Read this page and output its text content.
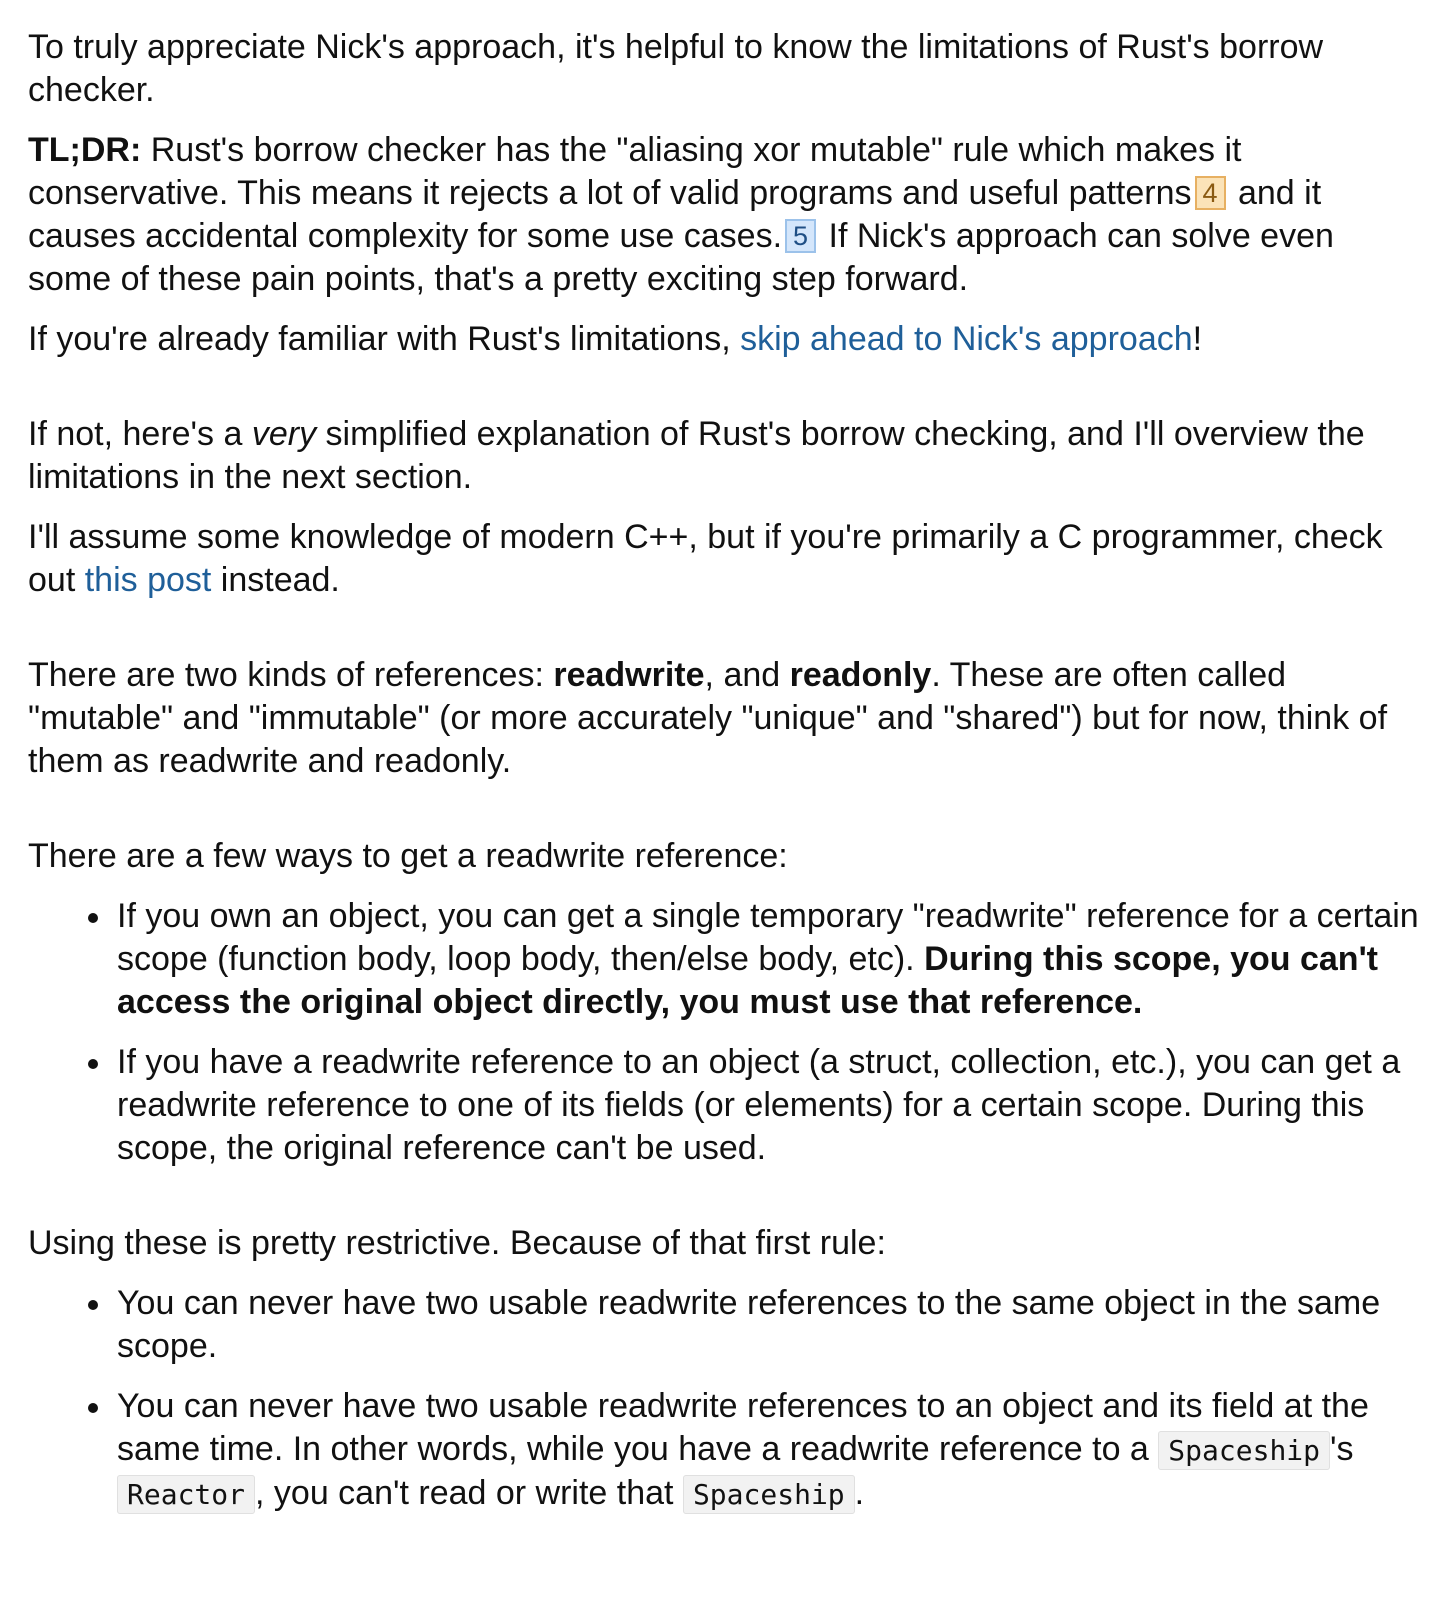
To truly appreciate Nick's approach, it's helpful to know the limitations of Rust's borrow checker.

TL;DR: Rust's borrow checker has the "aliasing xor mutable" rule which makes it conservative. This means it rejects a lot of valid programs and useful patterns 4 and it causes accidental complexity for some use cases. 5 If Nick's approach can solve even some of these pain points, that's a pretty exciting step forward.

If you're already familiar with Rust's limitations, skip ahead to Nick's approach!

If not, here's a very simplified explanation of Rust's borrow checking, and I'll overview the limitations in the next section.

I'll assume some knowledge of modern C++, but if you're primarily a C programmer, check out this post instead.

There are two kinds of references: readwrite, and readonly. These are often called "mutable" and "immutable" (or more accurately "unique" and "shared") but for now, think of them as readwrite and readonly.

There are a few ways to get a readwrite reference:

If you own an object, you can get a single temporary "readwrite" reference for a certain scope (function body, loop body, then/else body, etc). During this scope, you can't access the original object directly, you must use that reference.
If you have a readwrite reference to an object (a struct, collection, etc.), you can get a readwrite reference to one of its fields (or elements) for a certain scope. During this scope, the original reference can't be used.

Using these is pretty restrictive. Because of that first rule:

You can never have two usable readwrite references to the same object in the same scope.
You can never have two usable readwrite references to an object and its field at the same time. In other words, while you have a readwrite reference to a Spaceship 's Reactor , you can't read or write that Spaceship .
